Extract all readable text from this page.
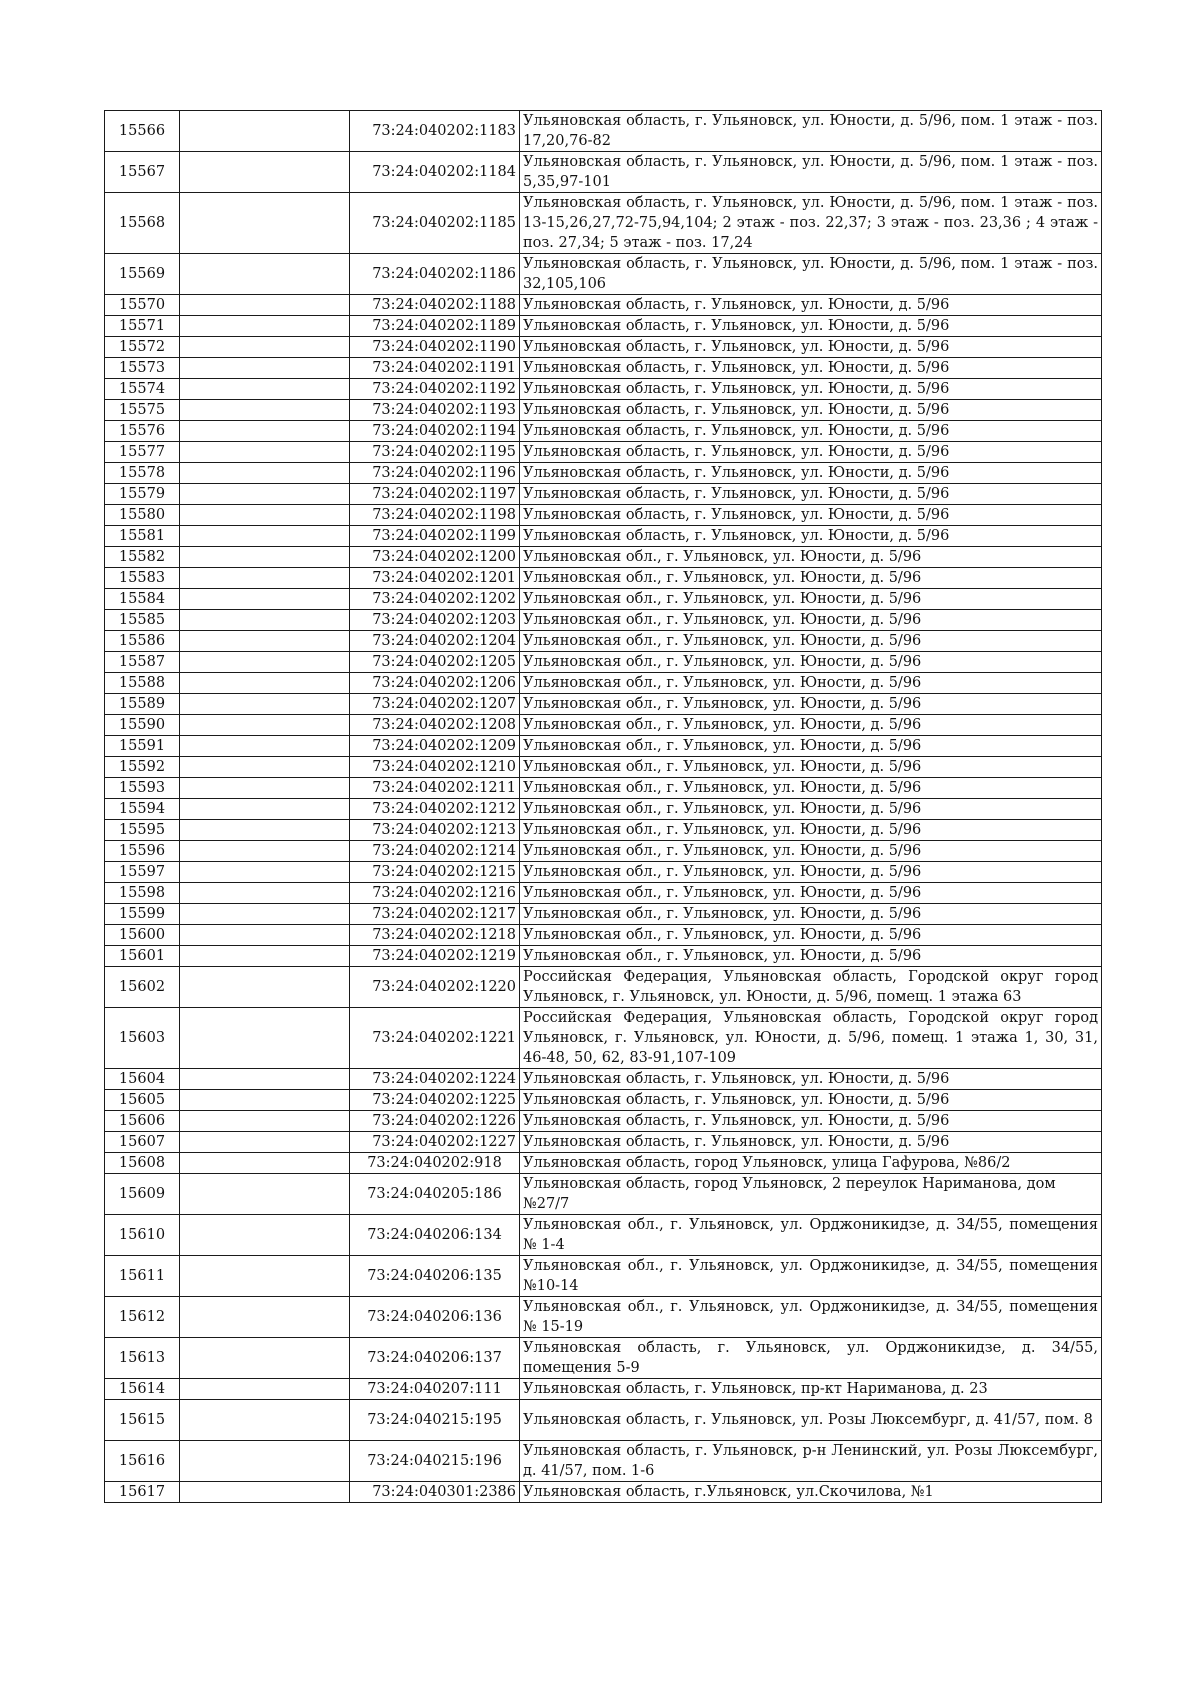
15566		73:24:040202:1183	Ульяновская область, г. Ульяновск, ул. Юности, д. 5/96, пом. 1 этаж - поз. 17,20,76-82
15567		73:24:040202:1184	Ульяновская область, г. Ульяновск, ул. Юности, д. 5/96, пом. 1 этаж - поз. 5,35,97-101
15568		73:24:040202:1185	Ульяновская область, г. Ульяновск, ул. Юности, д. 5/96, пом. 1 этаж - поз. 13-15,26,27,72-75,94,104; 2 этаж - поз. 22,37; 3 этаж - поз. 23,36 ; 4 этаж - поз. 27,34; 5 этаж - поз. 17,24
15569		73:24:040202:1186	Ульяновская область, г. Ульяновск, ул. Юности, д. 5/96, пом. 1 этаж - поз. 32,105,106
15570		73:24:040202:1188	Ульяновская область, г. Ульяновск, ул. Юности, д. 5/96
15571		73:24:040202:1189	Ульяновская область, г. Ульяновск, ул. Юности, д. 5/96
15572		73:24:040202:1190	Ульяновская область, г. Ульяновск, ул. Юности, д. 5/96
15573		73:24:040202:1191	Ульяновская область, г. Ульяновск, ул. Юности, д. 5/96
15574		73:24:040202:1192	Ульяновская область, г. Ульяновск, ул. Юности, д. 5/96
15575		73:24:040202:1193	Ульяновская область, г. Ульяновск, ул. Юности, д. 5/96
15576		73:24:040202:1194	Ульяновская область, г. Ульяновск, ул. Юности, д. 5/96
15577		73:24:040202:1195	Ульяновская область, г. Ульяновск, ул. Юности, д. 5/96
15578		73:24:040202:1196	Ульяновская область, г. Ульяновск, ул. Юности, д. 5/96
15579		73:24:040202:1197	Ульяновская область, г. Ульяновск, ул. Юности, д. 5/96
15580		73:24:040202:1198	Ульяновская область, г. Ульяновск, ул. Юности, д. 5/96
15581		73:24:040202:1199	Ульяновская область, г. Ульяновск, ул. Юности, д. 5/96
15582		73:24:040202:1200	Ульяновская обл., г. Ульяновск, ул. Юности, д. 5/96
15583		73:24:040202:1201	Ульяновская обл., г. Ульяновск, ул. Юности, д. 5/96
15584		73:24:040202:1202	Ульяновская обл., г. Ульяновск, ул. Юности, д. 5/96
15585		73:24:040202:1203	Ульяновская обл., г. Ульяновск, ул. Юности, д. 5/96
15586		73:24:040202:1204	Ульяновская обл., г. Ульяновск, ул. Юности, д. 5/96
15587		73:24:040202:1205	Ульяновская обл., г. Ульяновск, ул. Юности, д. 5/96
15588		73:24:040202:1206	Ульяновская обл., г. Ульяновск, ул. Юности, д. 5/96
15589		73:24:040202:1207	Ульяновская обл., г. Ульяновск, ул. Юности, д. 5/96
15590		73:24:040202:1208	Ульяновская обл., г. Ульяновск, ул. Юности, д. 5/96
15591		73:24:040202:1209	Ульяновская обл., г. Ульяновск, ул. Юности, д. 5/96
15592		73:24:040202:1210	Ульяновская обл., г. Ульяновск, ул. Юности, д. 5/96
15593		73:24:040202:1211	Ульяновская обл., г. Ульяновск, ул. Юности, д. 5/96
15594		73:24:040202:1212	Ульяновская обл., г. Ульяновск, ул. Юности, д. 5/96
15595		73:24:040202:1213	Ульяновская обл., г. Ульяновск, ул. Юности, д. 5/96
15596		73:24:040202:1214	Ульяновская обл., г. Ульяновск, ул. Юности, д. 5/96
15597		73:24:040202:1215	Ульяновская обл., г. Ульяновск, ул. Юности, д. 5/96
15598		73:24:040202:1216	Ульяновская обл., г. Ульяновск, ул. Юности, д. 5/96
15599		73:24:040202:1217	Ульяновская обл., г. Ульяновск, ул. Юности, д. 5/96
15600		73:24:040202:1218	Ульяновская обл., г. Ульяновск, ул. Юности, д. 5/96
15601		73:24:040202:1219	Ульяновская обл., г. Ульяновск, ул. Юности, д. 5/96
15602		73:24:040202:1220	Российская Федерация, Ульяновская область, Городской округ город Ульяновск, г. Ульяновск, ул. Юности, д. 5/96, помещ. 1 этажа 63
15603		73:24:040202:1221	Российская Федерация, Ульяновская область, Городской округ город Ульяновск, г. Ульяновск, ул. Юности, д. 5/96, помещ. 1 этажа 1, 30, 31, 46-48, 50, 62, 83-91,107-109
15604		73:24:040202:1224	Ульяновская область, г. Ульяновск, ул. Юности, д. 5/96
15605		73:24:040202:1225	Ульяновская область, г. Ульяновск, ул. Юности, д. 5/96
15606		73:24:040202:1226	Ульяновская область, г. Ульяновск, ул. Юности, д. 5/96
15607		73:24:040202:1227	Ульяновская область, г. Ульяновск, ул. Юности, д. 5/96
15608		73:24:040202:918	Ульяновская область, город Ульяновск, улица Гафурова, №86/2
15609		73:24:040205:186	Ульяновская область, город Ульяновск, 2 переулок Нариманова, дом №27/7
15610		73:24:040206:134	Ульяновская обл., г. Ульяновск, ул. Орджоникидзе, д. 34/55, помещения № 1-4
15611		73:24:040206:135	Ульяновская обл., г. Ульяновск, ул. Орджоникидзе, д. 34/55, помещения №10-14
15612		73:24:040206:136	Ульяновская обл., г. Ульяновск, ул. Орджоникидзе, д. 34/55, помещения № 15-19
15613		73:24:040206:137	Ульяновская область, г. Ульяновск, ул. Орджоникидзе, д. 34/55, помещения 5-9
15614		73:24:040207:111	Ульяновская область, г. Ульяновск, пр-кт Нариманова, д. 23
15615		73:24:040215:195	Ульяновская область, г. Ульяновск, ул. Розы Люксембург, д. 41/57, пом. 8
15616		73:24:040215:196	Ульяновская область, г. Ульяновск, р-н Ленинский, ул. Розы Люксембург, д. 41/57, пом. 1-6
15617		73:24:040301:2386	Ульяновская область, г.Ульяновск, ул.Скочилова, №1
